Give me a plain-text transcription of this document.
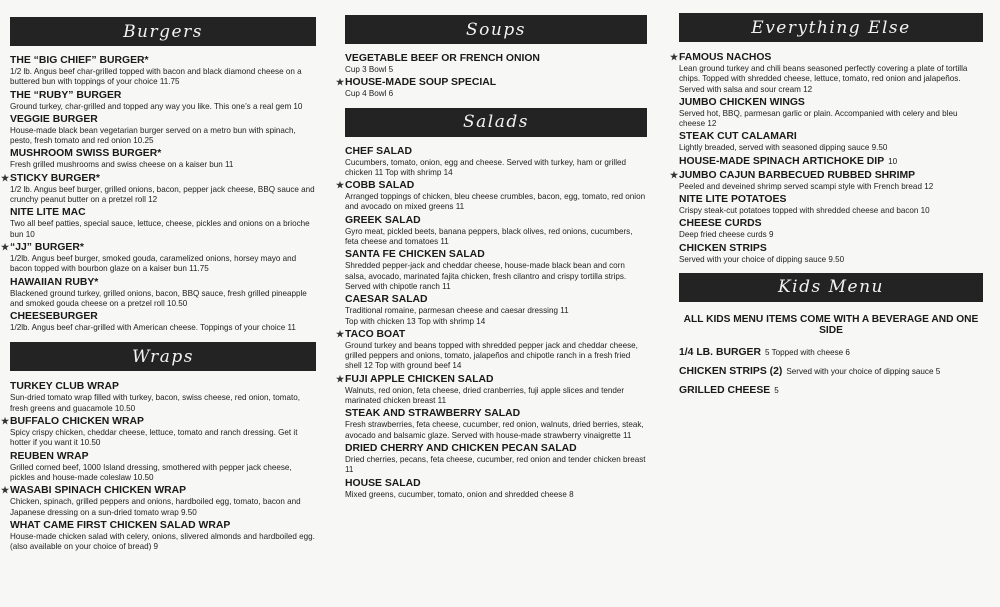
Burgers
THE “BIG CHIEF” BURGER*
1/2 lb. Angus beef char-grilled topped with bacon and black diamond cheese on a buttered bun with toppings of your choice 11.75
THE “RUBY” BURGER
Ground turkey, char-grilled and topped any way you like. This one’s a real gem 10
VEGGIE BURGER
House-made black bean vegetarian burger served on a metro bun with spinach, pesto, fresh tomato and red onion 10.25
MUSHROOM SWISS BURGER*
Fresh grilled mushrooms and swiss cheese on a kaiser bun 11
★STICKY BURGER*
1/2 lb. Angus beef burger, grilled onions, bacon, pepper jack cheese, BBQ sauce and crunchy peanut butter on a pretzel roll 12
NITE LITE MAC
Two all beef patties, special sauce, lettuce, cheese, pickles and onions on a brioche bun 10
★“JJ” BURGER*
1/2lb. Angus beef burger, smoked gouda, caramelized onions, horsey mayo and bacon topped with bourbon glaze on a kaiser bun 11.75
HAWAIIAN RUBY*
Blackened ground turkey, grilled onions, bacon, BBQ sauce, fresh grilled pineapple and smoked gouda cheese on a pretzel roll 10.50
CHEESEBURGER
1/2lb. Angus beef char-grilled with American cheese. Toppings of your choice 11
Wraps
TURKEY CLUB WRAP
Sun-dried tomato wrap filled with turkey, bacon, swiss cheese, red onion, tomato, fresh greens and guacamole 10.50
★BUFFALO CHICKEN WRAP
Spicy crispy chicken, cheddar cheese, lettuce, tomato and ranch dressing. Get it hotter if you want it 10.50
REUBEN WRAP
Grilled corned beef, 1000 Island dressing, smothered with pepper jack cheese, pickles and house-made coleslaw 10.50
★WASABI SPINACH CHICKEN WRAP
Chicken, spinach, grilled peppers and onions, hardboiled egg, tomato, bacon and Japanese dressing on a sun-dried tomato wrap 9.50
WHAT CAME FIRST CHICKEN SALAD WRAP
House-made chicken salad with celery, onions, slivered almonds and hardboiled egg. (also available on your choice of bread) 9
Soups
VEGETABLE BEEF OR FRENCH ONION
Cup 3 Bowl 5
★HOUSE-MADE SOUP SPECIAL
Cup 4 Bowl 6
Salads
CHEF SALAD
Cucumbers, tomato, onion, egg and cheese. Served with turkey, ham or grilled chicken 11 Top with shrimp 14
★COBB SALAD
Arranged toppings of chicken, bleu cheese crumbles, bacon, egg, tomato, red onion and avocado on mixed greens 11
GREEK SALAD
Gyro meat, pickled beets, banana peppers, black olives, red onions, cucumbers, feta cheese and tomatoes 11
SANTA FE CHICKEN SALAD
Shredded pepper-jack and cheddar cheese, house-made black bean and corn salsa, avocado, marinated fajita chicken, fresh cilantro and crispy tortilla strips. Served with chipotle ranch 11
CAESAR SALAD
Traditional romaine, parmesan cheese and caesar dressing 11
Top with chicken 13 Top with shrimp 14
★TACO BOAT
Ground turkey and beans topped with shredded pepper jack and cheddar cheese, grilled peppers and onions, tomato, jalapeños and chipotle ranch in a fresh fried shell 12 Top with ground beef 14
★FUJI APPLE CHICKEN SALAD
Walnuts, red onion, feta cheese, dried cranberries, fuji apple slices and tender marinated chicken breast 11
STEAK AND STRAWBERRY SALAD
Fresh strawberries, feta cheese, cucumber, red onion, walnuts, dried berries, steak, avocado and balsamic glaze. Served with house-made strawberry vinaigrette 11
DRIED CHERRY AND CHICKEN PECAN SALAD
Dried cherries, pecans, feta cheese, cucumber, red onion and tender chicken breast 11
HOUSE SALAD
Mixed greens, cucumber, tomato, onion and shredded cheese 8
Everything Else
★FAMOUS NACHOS
Lean ground turkey and chili beans seasoned perfectly covering a plate of tortilla chips. Topped with shredded cheese, lettuce, tomato, red onion and jalapeños. Served with salsa and sour cream 12
JUMBO CHICKEN WINGS
Served hot, BBQ, parmesan garlic or plain. Accompanied with celery and bleu cheese 12
STEAK CUT CALAMARI
Lightly breaded, served with seasoned dipping sauce 9.50
HOUSE-MADE SPINACH ARTICHOKE DIP 10
★JUMBO CAJUN BARBECUED RUBBED SHRIMP
Peeled and deveined shrimp served scampi style with French bread 12
NITE LITE POTATOES
Crispy steak-cut potatoes topped with shredded cheese and bacon 10
CHEESE CURDS
Deep fried cheese curds 9
CHICKEN STRIPS
Served with your choice of dipping sauce 9.50
Kids Menu
ALL KIDS MENU ITEMS COME WITH A BEVERAGE AND ONE SIDE
1/4 LB. BURGER 5 Topped with cheese 6
CHICKEN STRIPS (2) Served with your choice of dipping sauce 5
GRILLED CHEESE 5
